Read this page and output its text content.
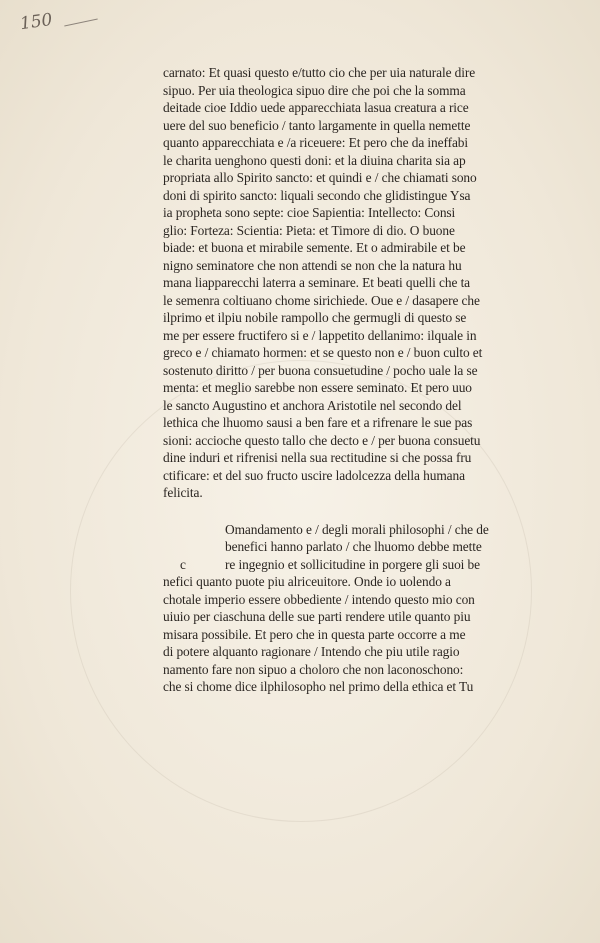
150
c
carnato: Et quasi questo e/tutto cio che per uia naturale dire
sipuo. Per uia theologica sipuo dire che poi che la somma
deitade cioe Iddio uede apparecchiata lasua creatura a rice
uere del suo beneficio / tanto largamente in quella nemette
quanto apparecchiata e /a riceuere: Et pero che da ineffabi
le charita uenghono questi doni: et la diuina charita sia ap
propriata allo Spirito sancto: et quindi e / che chiamati sono
doni di spirito sancto: liquali secondo che glidistingue Ysa
ia propheta sono septe: cioe Sapientia: Intellecto: Consi
glio: Forteza: Scientia: Pieta: et Timore di dio. O buone
biade: et buona et mirabile semente. Et o admirabile et be
nigno seminatore che non attendi se non che la natura hu
mana liapparecchi laterra a seminare. Et beati quelli che ta
le semenra coltiuano chome sirichiede. Oue e / dasapere che
ilprimo et ilpiu nobile rampollo che germugli di questo se
me per essere fructifero si e / lappetito dellanimo: ilquale in
greco e / chiamato hormen: et se questo non e / buon culto et
sostenuto diritto / per buona consuetudine / pocho uale la se
menta: et meglio sarebbe non essere seminato. Et pero uuo
le sancto Augustino et anchora Aristotile nel secondo del
lethica che lhuomo sausi a ben fare et a rifrenare le sue pas
sioni: accioche questo tallo che decto e / per buona consuetu
dine induri et rifrenisi nella sua rectitudine si che possa fru
ctificare: et del suo fructo uscire ladolcezza della humana
felicita.
Omandamento e / degli morali philosophi / che de
benefici hanno parlato / che lhuomo debbe mette
re ingegnio et sollicitudine in porgere gli suoi be
nefici quanto puote piu alriceuitore. Onde io uolendo a
chotale imperio essere obbediente / intendo questo mio con
uiuio per ciaschuna delle sue parti rendere utile quanto piu
misara possibile. Et pero che in questa parte occorre a me
di potere alquanto ragionare / Intendo che piu utile ragio
namento fare non sipuo a choloro che non laconoschono:
che si chome dice ilphilosopho nel primo della ethica et Tu
